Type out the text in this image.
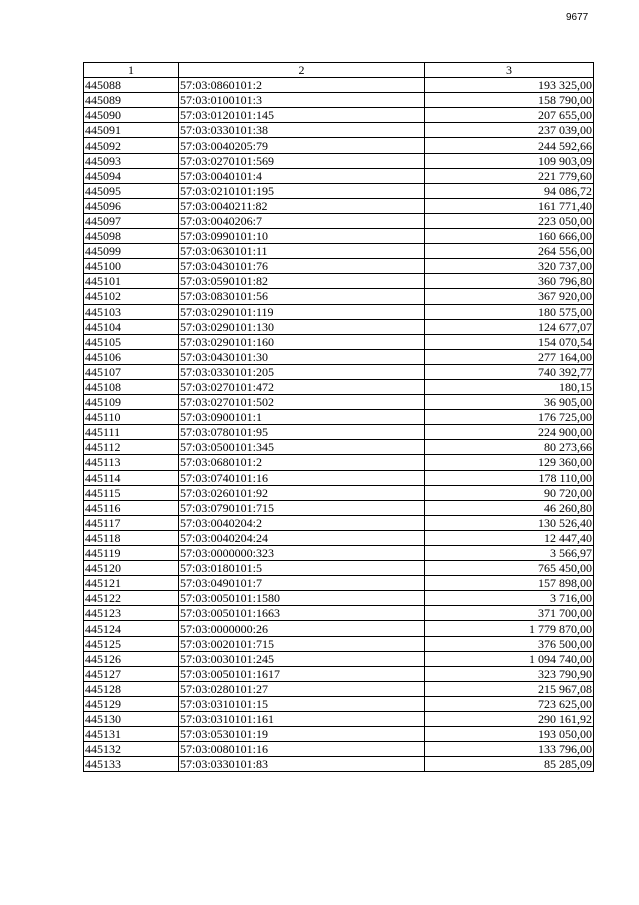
9677
1	2	3
445088	57:03:0860101:2	193 325,00
445089	57:03:0100101:3	158 790,00
445090	57:03:0120101:145	207 655,00
445091	57:03:0330101:38	237 039,00
445092	57:03:0040205:79	244 592,66
445093	57:03:0270101:569	109 903,09
445094	57:03:0040101:4	221 779,60
445095	57:03:0210101:195	94 086,72
445096	57:03:0040211:82	161 771,40
445097	57:03:0040206:7	223 050,00
445098	57:03:0990101:10	160 666,00
445099	57:03:0630101:11	264 556,00
445100	57:03:0430101:76	320 737,00
445101	57:03:0590101:82	360 796,80
445102	57:03:0830101:56	367 920,00
445103	57:03:0290101:119	180 575,00
445104	57:03:0290101:130	124 677,07
445105	57:03:0290101:160	154 070,54
445106	57:03:0430101:30	277 164,00
445107	57:03:0330101:205	740 392,77
445108	57:03:0270101:472	180,15
445109	57:03:0270101:502	36 905,00
445110	57:03:0900101:1	176 725,00
445111	57:03:0780101:95	224 900,00
445112	57:03:0500101:345	80 273,66
445113	57:03:0680101:2	129 360,00
445114	57:03:0740101:16	178 110,00
445115	57:03:0260101:92	90 720,00
445116	57:03:0790101:715	46 260,80
445117	57:03:0040204:2	130 526,40
445118	57:03:0040204:24	12 447,40
445119	57:03:0000000:323	3 566,97
445120	57:03:0180101:5	765 450,00
445121	57:03:0490101:7	157 898,00
445122	57:03:0050101:1580	3 716,00
445123	57:03:0050101:1663	371 700,00
445124	57:03:0000000:26	1 779 870,00
445125	57:03:0020101:715	376 500,00
445126	57:03:0030101:245	1 094 740,00
445127	57:03:0050101:1617	323 790,90
445128	57:03:0280101:27	215 967,08
445129	57:03:0310101:15	723 625,00
445130	57:03:0310101:161	290 161,92
445131	57:03:0530101:19	193 050,00
445132	57:03:0080101:16	133 796,00
445133	57:03:0330101:83	85 285,09
